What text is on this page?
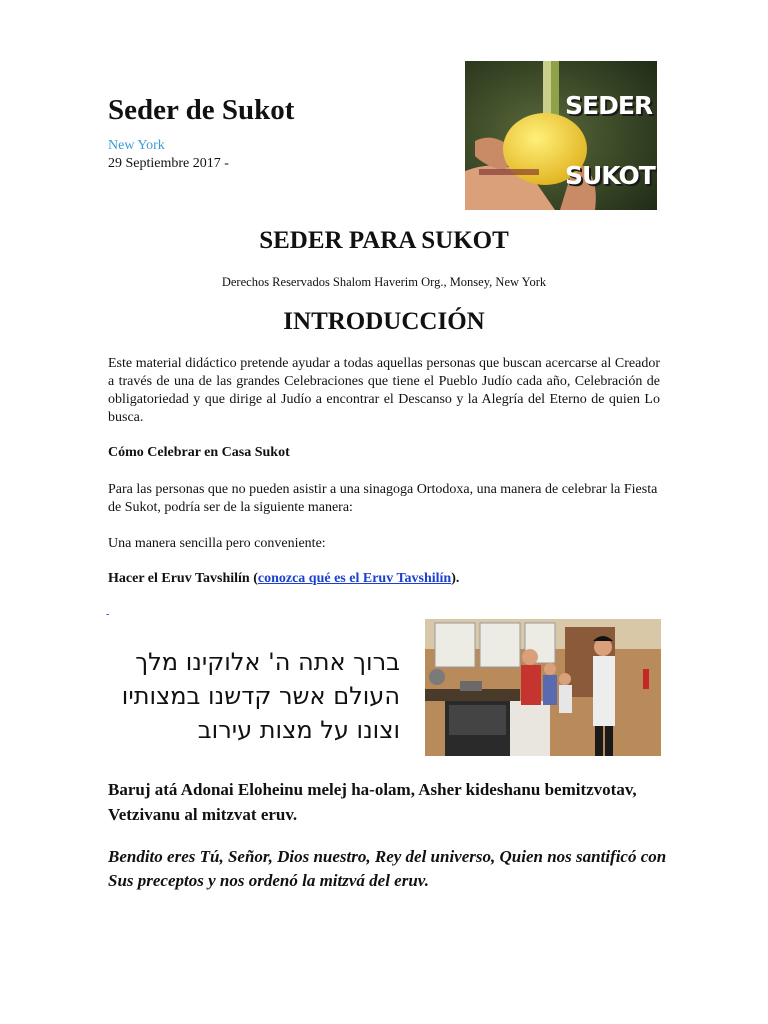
Seder de Sukot
New York
29 Septiembre 2017 -
SEDER
SUKOT
SEDER PARA SUKOT
Derechos Reservados Shalom Haverim Org., Monsey, New York
INTRODUCCIÓN

Este material didáctico pretende ayudar a todas aquellas personas que buscan acercarse al Creador a través de una de las grandes Celebraciones que tiene el Pueblo Judío cada año, Celebración de obligatoriedad y que dirige al Judío a encontrar el Descanso y la Alegría del Eterno de quien Lo busca.

Cómo Celebrar en Casa Sukot

Para las personas que no pueden asistir a una sinagoga Ortodoxa, una manera de celebrar la Fiesta de Sukot, podría ser de la siguiente manera:

Una manera sencilla pero conveniente:
Hacer el Eruv Tavshilín (conozca qué es el Eruv Tavshilín).
-
ברוך אתה ה' אלוקינו מלך
העולם אשר קדשנו במצותיו
וצונו על מצות עירוב

Baruj atá Adonai Eloheinu melej ha-olam, Asher kideshanu bemitzvotav, Vetzivanu al mitzvat eruv.

Bendito eres Tú, Señor, Dios nuestro, Rey del universo, Quien nos santificó con Sus preceptos y nos ordenó la mitzvá del eruv.
